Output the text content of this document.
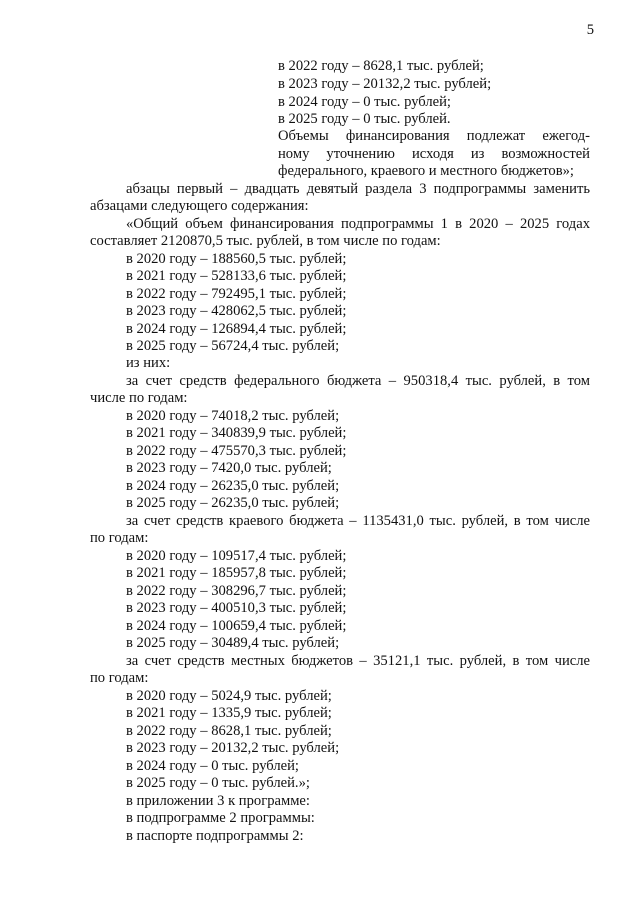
5
в 2022 году – 8628,1 тыс. рублей;
в 2023 году – 20132,2 тыс. рублей;
в 2024 году – 0 тыс. рублей;
в 2025 году – 0 тыс. рублей.
Объемы финансирования подлежат ежегод-
ному уточнению исходя из возможностей
федерального, краевого и местного бюджетов»;
абзацы первый – двадцать девятый раздела 3 подпрограммы заменить
абзацами следующего содержания:
«Общий объем финансирования подпрограммы 1 в 2020 – 2025 годах
составляет 2120870,5 тыс. рублей, в том числе по годам:
в 2020 году – 188560,5 тыс. рублей;
в 2021 году – 528133,6 тыс. рублей;
в 2022 году – 792495,1 тыс. рублей;
в 2023 году – 428062,5 тыс. рублей;
в 2024 году – 126894,4 тыс. рублей;
в 2025 году – 56724,4 тыс. рублей;
из них:
за счет средств федерального бюджета – 950318,4 тыс. рублей, в том
числе по годам:
в 2020 году – 74018,2 тыс. рублей;
в 2021 году – 340839,9 тыс. рублей;
в 2022 году – 475570,3 тыс. рублей;
в 2023 году – 7420,0 тыс. рублей;
в 2024 году – 26235,0 тыс. рублей;
в 2025 году – 26235,0 тыс. рублей;
за счет средств краевого бюджета – 1135431,0 тыс. рублей, в том числе
по годам:
в 2020 году – 109517,4 тыс. рублей;
в 2021 году – 185957,8 тыс. рублей;
в 2022 году – 308296,7 тыс. рублей;
в 2023 году – 400510,3 тыс. рублей;
в 2024 году – 100659,4 тыс. рублей;
в 2025 году – 30489,4 тыс. рублей;
за счет средств местных бюджетов – 35121,1 тыс. рублей, в том числе
по годам:
в 2020 году – 5024,9 тыс. рублей;
в 2021 году – 1335,9 тыс. рублей;
в 2022 году – 8628,1 тыс. рублей;
в 2023 году – 20132,2 тыс. рублей;
в 2024 году – 0 тыс. рублей;
в 2025 году – 0 тыс. рублей.»;
в приложении 3 к программе:
в подпрограмме 2 программы:
в паспорте подпрограммы 2:
